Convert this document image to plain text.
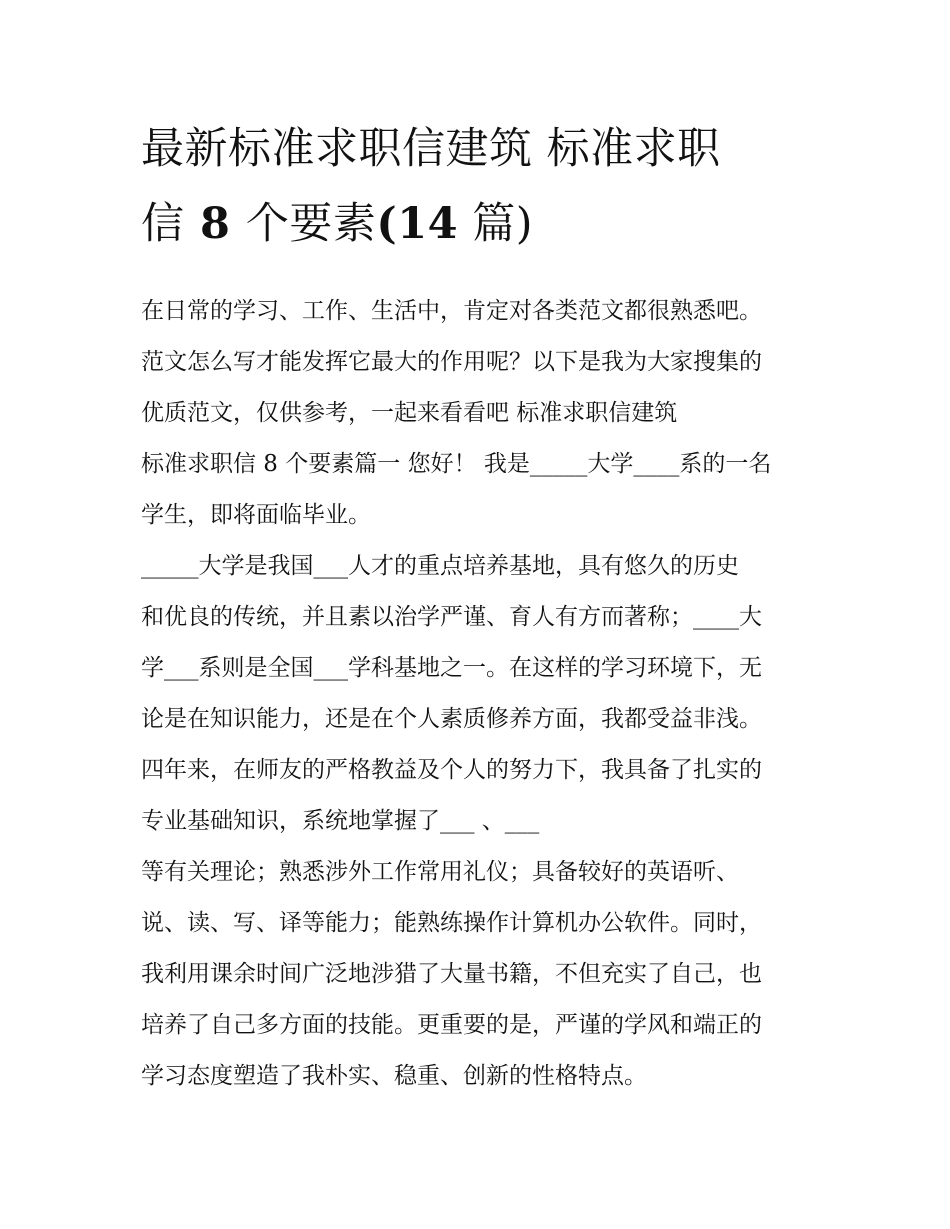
最新标准求职信建筑 标准求职
信 8 个要素(14 篇)
在日常的学习、工作、生活中，肯定对各类范文都很熟悉吧。
范文怎么写才能发挥它最大的作用呢？以下是我为大家搜集的
优质范文，仅供参考，一起来看看吧 标准求职信建筑
标准求职信 8 个要素篇一 您好！ 我是_____大学____系的一名
学生，即将面临毕业。
_____大学是我国___人才的重点培养基地，具有悠久的历史
和优良的传统，并且素以治学严谨、育人有方而著称；____大
学___系则是全国___学科基地之一。在这样的学习环境下，无
论是在知识能力，还是在个人素质修养方面，我都受益非浅。
四年来，在师友的严格教益及个人的努力下，我具备了扎实的
专业基础知识，系统地掌握了___ 、___
等有关理论；熟悉涉外工作常用礼仪；具备较好的英语听、
说、读、写、译等能力；能熟练操作计算机办公软件。同时，
我利用课余时间广泛地涉猎了大量书籍，不但充实了自己，也
培养了自己多方面的技能。更重要的是，严谨的学风和端正的
学习态度塑造了我朴实、稳重、创新的性格特点。
